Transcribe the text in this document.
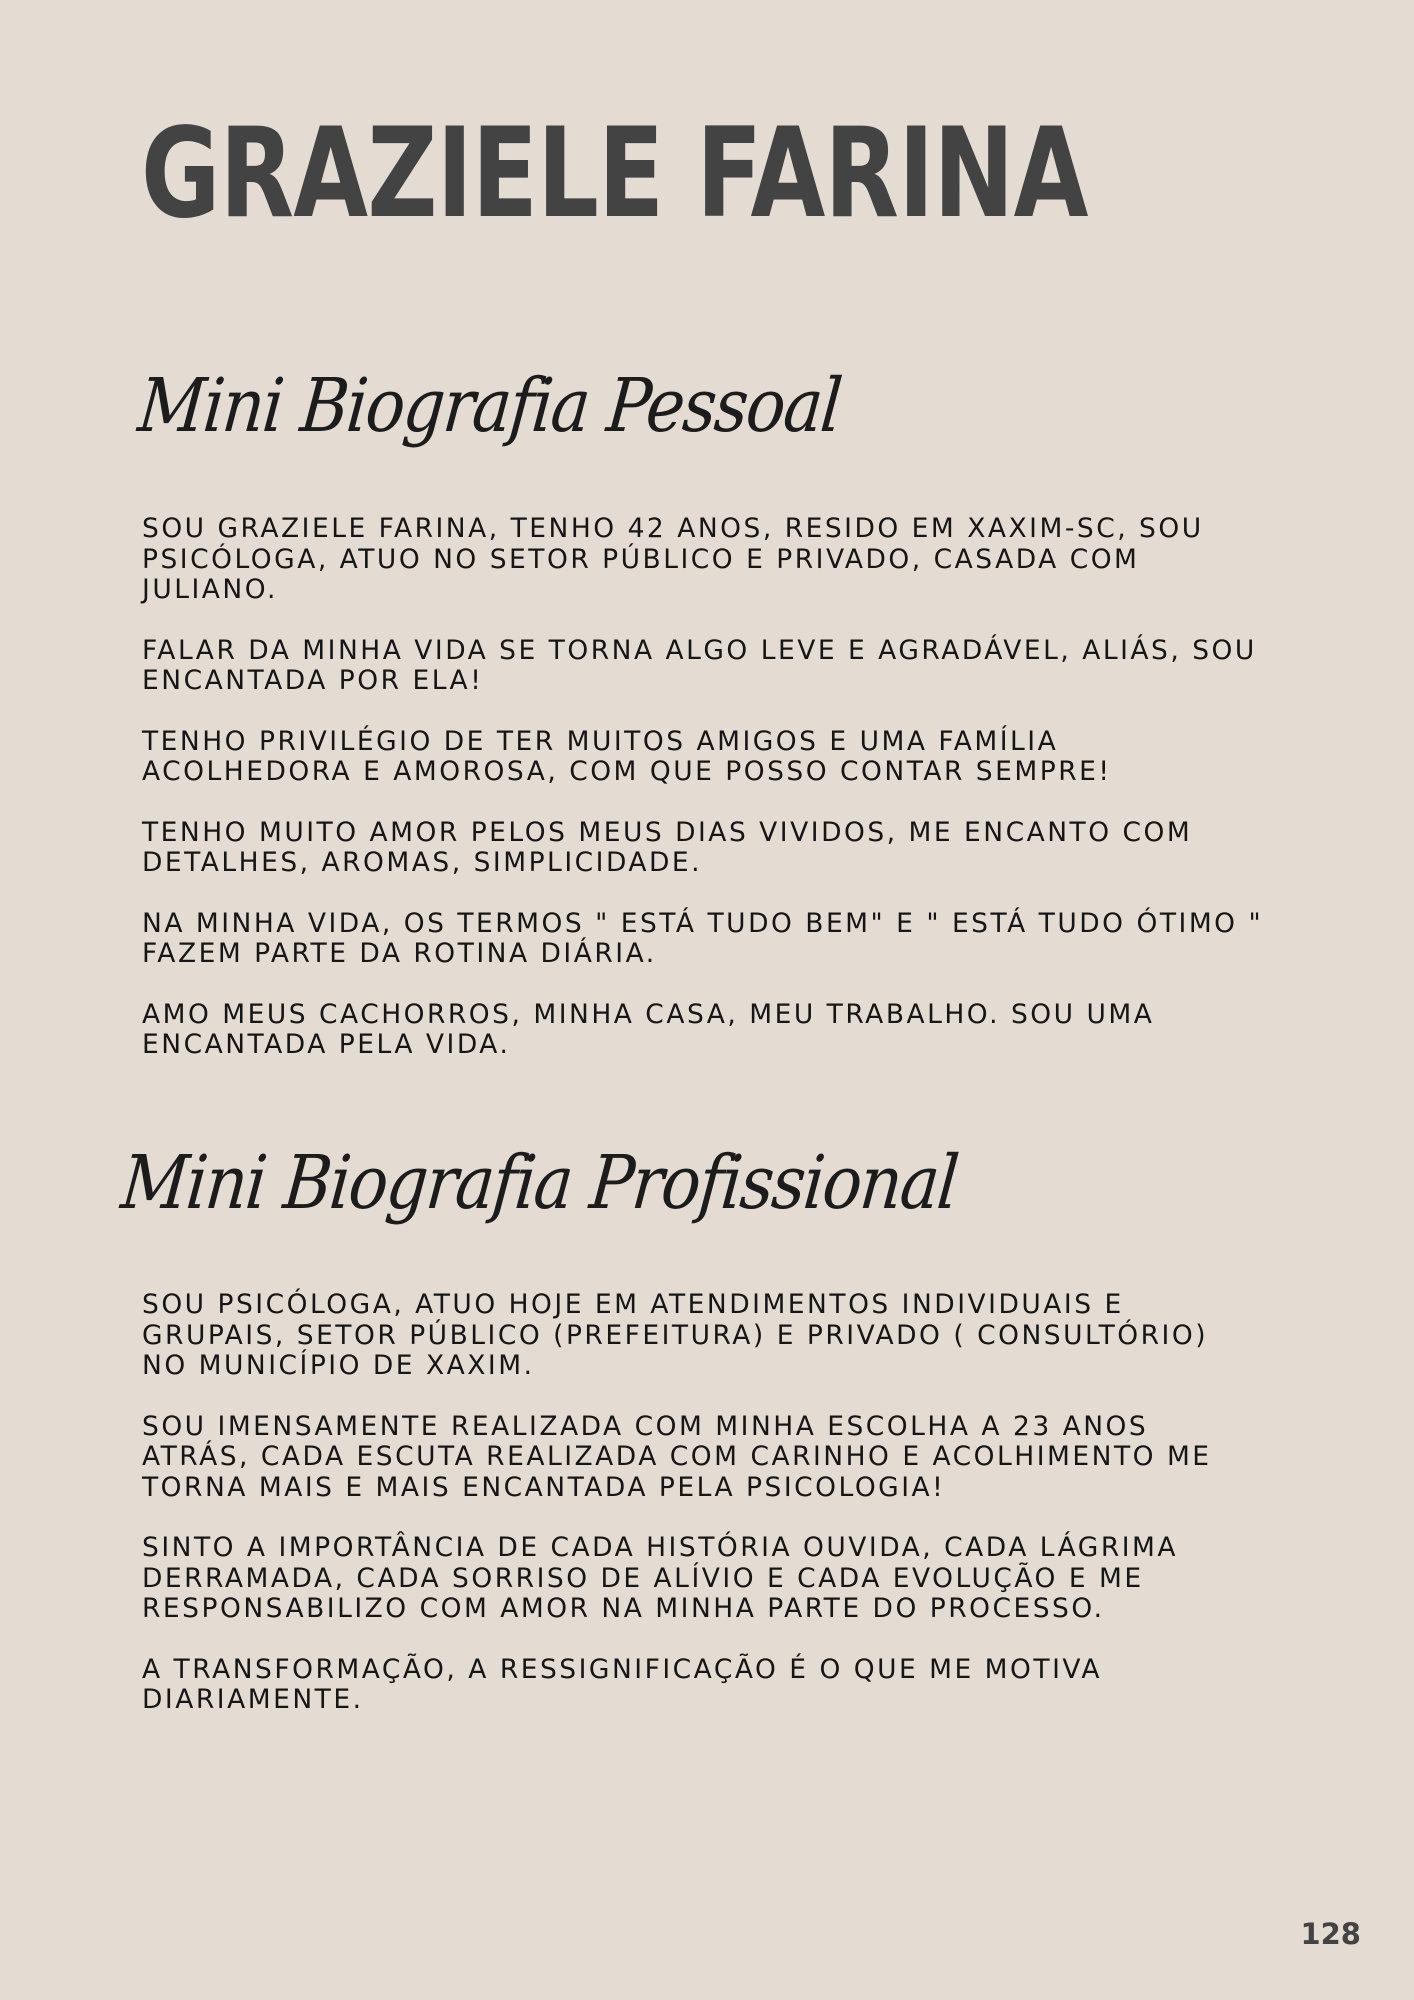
GRAZIELE FARINA
Mini Biografia Pessoal

SOU GRAZIELE FARINA, TENHO 42 ANOS, RESIDO EM XAXIM-SC, SOU
PSICÓLOGA, ATUO NO SETOR PÚBLICO E PRIVADO, CASADA COM
JULIANO.

FALAR DA MINHA VIDA SE TORNA ALGO LEVE E AGRADÁVEL, ALIÁS, SOU
ENCANTADA POR ELA!

TENHO PRIVILÉGIO DE TER MUITOS AMIGOS E UMA FAMÍLIA
ACOLHEDORA E AMOROSA, COM QUE POSSO CONTAR SEMPRE!

TENHO MUITO AMOR PELOS MEUS DIAS VIVIDOS, ME ENCANTO COM
DETALHES, AROMAS, SIMPLICIDADE.

NA MINHA VIDA, OS TERMOS " ESTÁ TUDO BEM" E " ESTÁ TUDO ÓTIMO "
FAZEM PARTE DA ROTINA DIÁRIA.

AMO MEUS CACHORROS, MINHA CASA, MEU TRABALHO. SOU UMA
ENCANTADA PELA VIDA.

Mini Biografia Profissional

SOU PSICÓLOGA, ATUO HOJE EM ATENDIMENTOS INDIVIDUAIS E
GRUPAIS, SETOR PÚBLICO (PREFEITURA) E PRIVADO ( CONSULTÓRIO)
NO MUNICÍPIO DE XAXIM.

SOU IMENSAMENTE REALIZADA COM MINHA ESCOLHA A 23 ANOS
ATRÁS, CADA ESCUTA REALIZADA COM CARINHO E ACOLHIMENTO ME
TORNA MAIS E MAIS ENCANTADA PELA PSICOLOGIA!

SINTO A IMPORTÂNCIA DE CADA HISTÓRIA OUVIDA, CADA LÁGRIMA
DERRAMADA, CADA SORRISO DE ALÍVIO E CADA EVOLUÇÃO E ME
RESPONSABILIZO COM AMOR NA MINHA PARTE DO PROCESSO.

A TRANSFORMAÇÃO, A RESSIGNIFICAÇÃO É O QUE ME MOTIVA
DIARIAMENTE.

128
